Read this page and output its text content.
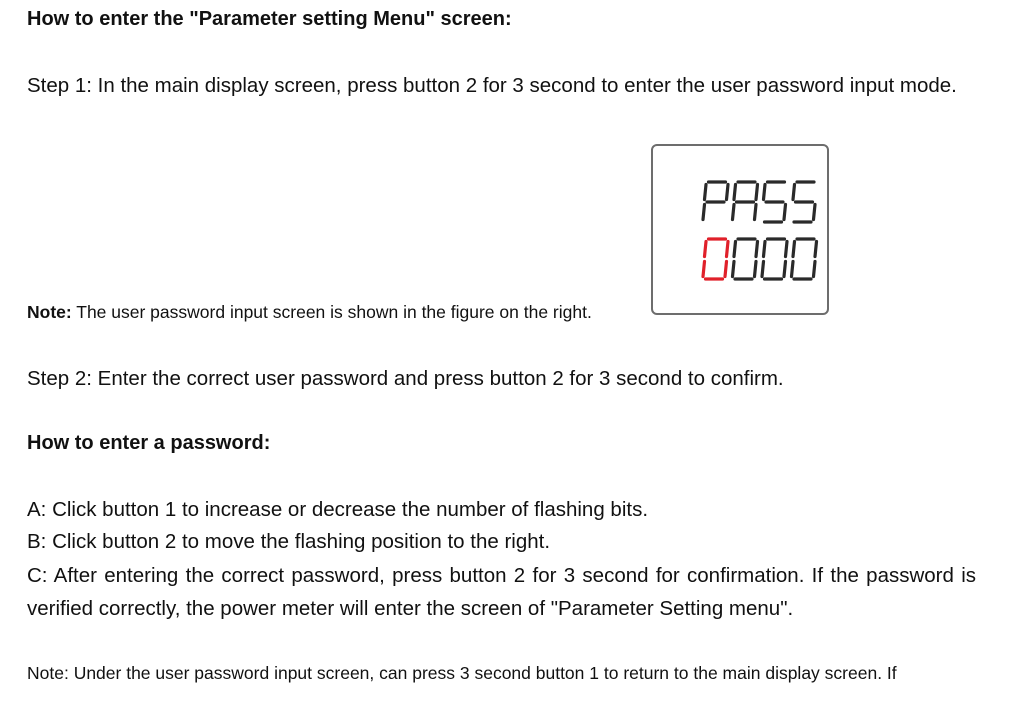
How to enter the "Parameter setting Menu" screen:

Step 1: In the main display screen, press button 2 for 3 second to enter the user password input mode.

Note: The user password input screen is shown in the figure on the right.

Step 2: Enter the correct user password and press button 2 for 3 second to confirm.

How to enter a password:

A: Click button 1 to increase or decrease the number of flashing bits.

B: Click button 2 to move the flashing position to the right.

C: After entering the correct password, press button 2 for 3 second for confirmation. If the password is verified correctly, the power meter will enter the screen of "Parameter Setting menu".

Note: Under the user password input screen, can press 3 second button 1 to return to the main display screen. If
